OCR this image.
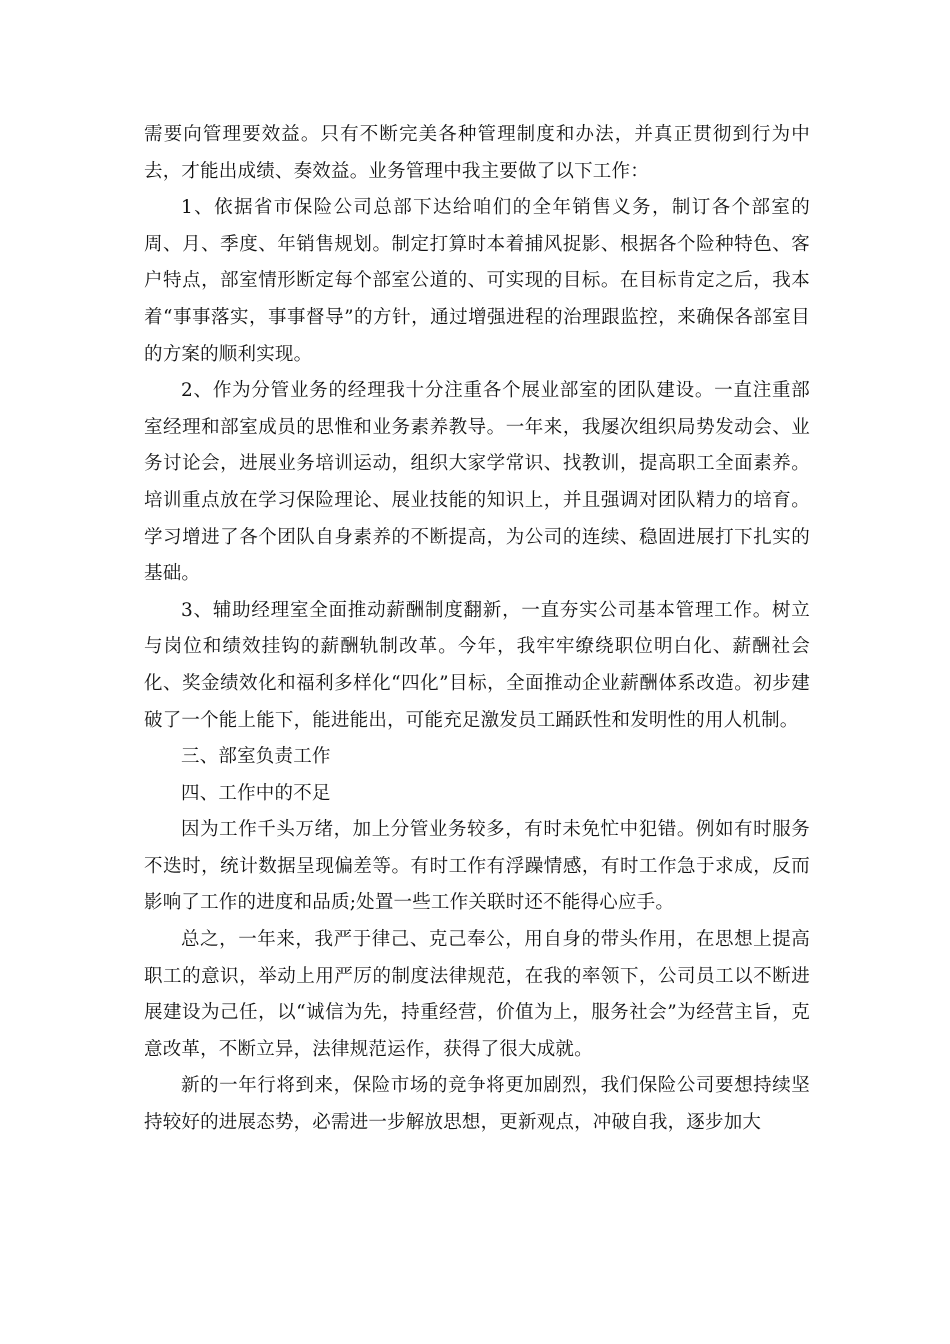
需要向管理要效益。只有不断完美各种管理制度和办法，并真正贯彻到行为中去，才能出成绩、奏效益。业务管理中我主要做了以下工作：

1、依据省市保险公司总部下达给咱们的全年销售义务，制订各个部室的周、月、季度、年销售规划。制定打算时本着捕风捉影、根据各个险种特色、客户特点，部室情形断定每个部室公道的、可实现的目标。在目标肯定之后，我本着“事事落实，事事督导”的方针，通过增强进程的治理跟监控，来确保各部室目的方案的顺利实现。

2、作为分管业务的经理我十分注重各个展业部室的团队建设。一直注重部室经理和部室成员的思惟和业务素养教导。一年来，我屡次组织局势发动会、业务讨论会，进展业务培训运动，组织大家学常识、找教训，提高职工全面素养。培训重点放在学习保险理论、展业技能的知识上，并且强调对团队精力的培育。学习增进了各个团队自身素养的不断提高，为公司的连续、稳固进展打下扎实的基础。

3、辅助经理室全面推动薪酬制度翻新，一直夯实公司基本管理工作。树立与岗位和绩效挂钩的薪酬轨制改革。今年，我牢牢缭绕职位明白化、薪酬社会化、奖金绩效化和福利多样化“四化”目标，全面推动企业薪酬体系改造。初步建破了一个能上能下，能进能出，可能充足激发员工踊跃性和发明性的用人机制。

三、部室负责工作

四、工作中的不足

因为工作千头万绪，加上分管业务较多，有时未免忙中犯错。例如有时服务不迭时，统计数据呈现偏差等。有时工作有浮躁情感，有时工作急于求成，反而影响了工作的进度和品质;处置一些工作关联时还不能得心应手。

总之，一年来，我严于律己、克己奉公，用自身的带头作用，在思想上提高职工的意识，举动上用严厉的制度法律规范，在我的率领下，公司员工以不断进展建设为己任，以“诚信为先，持重经营，价值为上，服务社会”为经营主旨，克意改革，不断立异，法律规范运作，获得了很大成就。

新的一年行将到来，保险市场的竞争将更加剧烈，我们保险公司要想持续坚持较好的进展态势，必需进一步解放思想，更新观点，冲破自我，逐步加大
